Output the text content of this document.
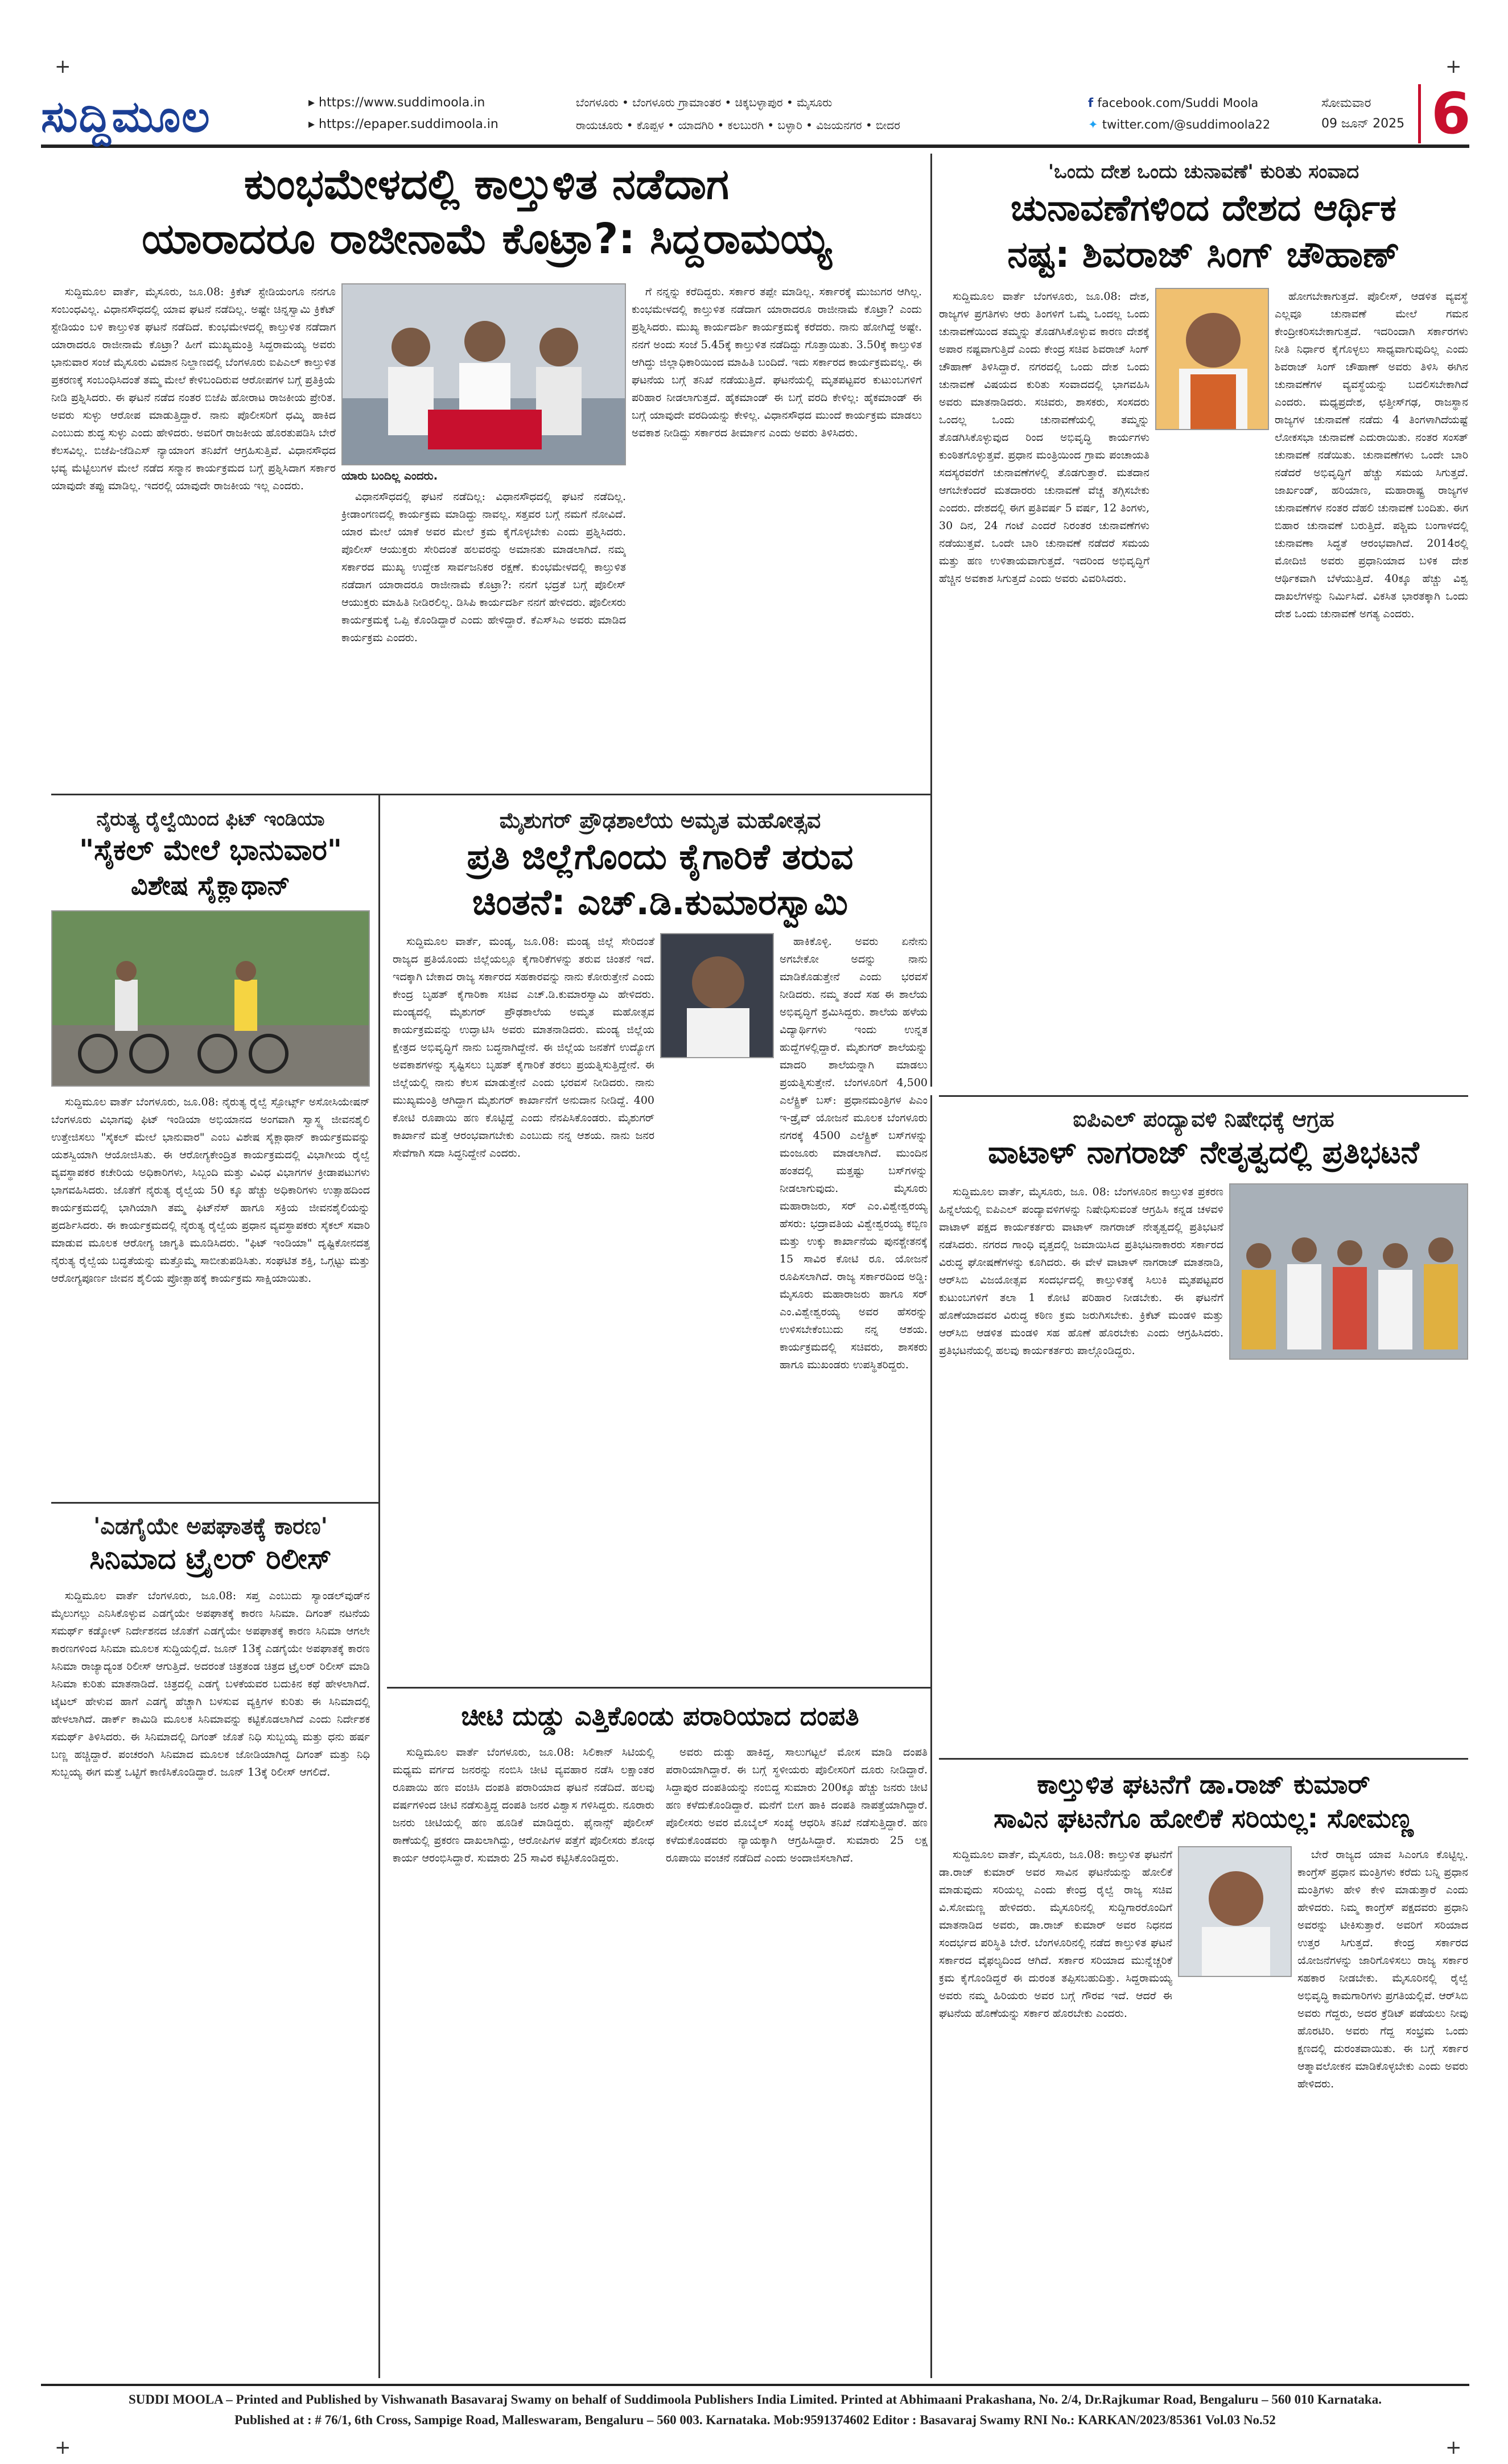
+	+
+	+
ಸುದ್ದಿಮೂಲ	▸ https://www.suddimoola.in
▸ https://epaper.suddimoola.in
ಬೆಂಗಳೂರು • ಬೆಂಗಳೂರು ಗ್ರಾಮಾಂತರ • ಚಿಕ್ಕಬಳ್ಳಾಪುರ • ಮೈಸೂರು
ರಾಯಚೂರು • ಕೊಪ್ಪಳ • ಯಾದಗಿರಿ • ಕಲಬುರಗಿ • ಬಳ್ಳಾರಿ • ವಿಜಯನಗರ • ಬೀದರ
f facebook.com/Suddi Moola
✦ twitter.com/@suddimoola22
ಸೋಮವಾರ
09 ಜೂನ್ 2025 6
ಕುಂಭಮೇಳದಲ್ಲಿ ಕಾಲ್ತುಳಿತ ನಡೆದಾಗ
ಯಾರಾದರೂ ರಾಜೀನಾಮೆ ಕೊಟ್ರಾ?: ಸಿದ್ದರಾಮಯ್ಯ

ಸುದ್ದಿಮೂಲ ವಾರ್ತೆ, ಮೈಸೂರು, ಜೂ.08: ಕ್ರಿಕೆಟ್ ಸ್ಟೇಡಿಯಂಗೂ ನನಗೂ ಸಂಬಂಧವಿಲ್ಲ. ವಿಧಾನಸೌಧದಲ್ಲಿ ಯಾವ ಘಟನೆ ನಡೆದಿಲ್ಲ. ಅಷ್ಟೇ ಚಿನ್ನಸ್ವಾಮಿ ಕ್ರಿಕೆಟ್ ಸ್ಟೇಡಿಯಂ ಬಳಿ ಕಾಲ್ತುಳಿತ ಘಟನೆ ನಡೆದಿದೆ. ಕುಂಭಮೇಳದಲ್ಲಿ ಕಾಲ್ತುಳಿತ ನಡೆದಾಗ ಯಾರಾದರೂ ರಾಜೀನಾಮೆ ಕೊಟ್ರಾ? ಹೀಗೆ ಮುಖ್ಯಮಂತ್ರಿ ಸಿದ್ದರಾಮಯ್ಯ ಅವರು ಭಾನುವಾರ ಸಂಜೆ ಮೈಸೂರು ವಿಮಾನ ನಿಲ್ದಾಣದಲ್ಲಿ ಬೆಂಗಳೂರು ಐಪಿಎಲ್ ಕಾಲ್ತುಳಿತ ಪ್ರಕರಣಕ್ಕೆ ಸಂಬಂಧಿಸಿದಂತೆ ತಮ್ಮ ಮೇಲೆ ಕೇಳಿಬಂದಿರುವ ಆರೋಪಗಳ ಬಗ್ಗೆ ಪ್ರತಿಕ್ರಿಯೆ ನೀಡಿ ಪ್ರಶ್ನಿಸಿದರು. ಈ ಘಟನೆ ನಡೆದ ನಂತರ ಬಿಜೆಪಿ ಹೋರಾಟ ರಾಜಕೀಯ ಪ್ರೇರಿತ. ಅವರು ಸುಳ್ಳು ಆರೋಪ ಮಾಡುತ್ತಿದ್ದಾರೆ. ನಾನು ಪೊಲೀಸರಿಗೆ ಧಮ್ಕಿ ಹಾಕಿದ ಎಂಬುದು ಶುದ್ಧ ಸುಳ್ಳು ಎಂದು ಹೇಳಿದರು. ಅವರಿಗೆ ರಾಜಕೀಯ ಹೊರತುಪಡಿಸಿ ಬೇರೆ ಕೆಲಸವಿಲ್ಲ. ಬಿಜೆಪಿ-ಜೆಡಿಎಸ್ ನ್ಯಾಯಾಂಗ ತನಿಖೆಗೆ ಆಗ್ರಹಿಸುತ್ತಿವೆ. ವಿಧಾನಸೌಧದ ಭವ್ಯ ಮೆಟ್ಟಿಲುಗಳ ಮೇಲೆ ನಡೆದ ಸನ್ಮಾನ ಕಾರ್ಯಕ್ರಮದ ಬಗ್ಗೆ ಪ್ರಶ್ನಿಸಿದಾಗ ಸರ್ಕಾರ ಯಾವುದೇ ತಪ್ಪು ಮಾಡಿಲ್ಲ. ಇದರಲ್ಲಿ ಯಾವುದೇ ರಾಜಕೀಯ ಇಲ್ಲ ಎಂದರು.

ಯಾರು ಬಂದಿಲ್ಲ ಎಂದರು.

ವಿಧಾನಸೌಧದಲ್ಲಿ ಘಟನೆ ನಡೆದಿಲ್ಲ: ವಿಧಾನಸೌಧದಲ್ಲಿ ಘಟನೆ ನಡೆದಿಲ್ಲ. ಕ್ರೀಡಾಂಗಣದಲ್ಲಿ ಕಾರ್ಯಕ್ರಮ ಮಾಡಿದ್ದು ನಾವಲ್ಲ. ಸತ್ತವರ ಬಗ್ಗೆ ನಮಗೆ ನೋವಿದೆ. ಯಾರ ಮೇಲೆ ಯಾಕೆ ಅವರ ಮೇಲೆ ಕ್ರಮ ಕೈಗೊಳ್ಳಬೇಕು ಎಂದು ಪ್ರಶ್ನಿಸಿದರು. ಪೊಲೀಸ್ ಆಯುಕ್ತರು ಸೇರಿದಂತೆ ಹಲವರನ್ನು ಅಮಾನತು ಮಾಡಲಾಗಿದೆ. ನಮ್ಮ ಸರ್ಕಾರದ ಮುಖ್ಯ ಉದ್ದೇಶ ಸಾರ್ವಜನಿಕರ ರಕ್ಷಣೆ. ಕುಂಭಮೇಳದಲ್ಲಿ ಕಾಲ್ತುಳಿತ ನಡೆದಾಗ ಯಾರಾದರೂ ರಾಜೀನಾಮೆ ಕೊಟ್ರಾ?: ನನಗೆ ಭದ್ರತೆ ಬಗ್ಗೆ ಪೊಲೀಸ್ ಆಯುಕ್ತರು ಮಾಹಿತಿ ನೀಡಿರಲಿಲ್ಲ. ಡಿಸಿಪಿ ಕಾರ್ಯದರ್ಶಿ ನನಗೆ ಹೇಳಿದರು. ಪೊಲೀಸರು ಕಾರ್ಯಕ್ರಮಕ್ಕೆ ಒಪ್ಪಿ ಕೊಂಡಿದ್ದಾರೆ ಎಂದು ಹೇಳಿದ್ದಾರೆ. ಕೆಎಸ್‌ಸಿಎ ಅವರು ಮಾಡಿದ ಕಾರ್ಯಕ್ರಮ ಎಂದರು.

ಗೆ ನನ್ನನ್ನು ಕರೆದಿದ್ದರು. ಸರ್ಕಾರ ತಪ್ಪೇ ಮಾಡಿಲ್ಲ. ಸರ್ಕಾರಕ್ಕೆ ಮುಜುಗರ ಆಗಿಲ್ಲ. ಕುಂಭಮೇಳದಲ್ಲಿ ಕಾಲ್ತುಳಿತ ನಡೆದಾಗ ಯಾರಾದರೂ ರಾಜೀನಾಮೆ ಕೊಟ್ರಾ? ಎಂದು ಪ್ರಶ್ನಿಸಿದರು. ಮುಖ್ಯ ಕಾರ್ಯದರ್ಶಿ ಕಾರ್ಯಕ್ರಮಕ್ಕೆ ಕರೆದರು. ನಾನು ಹೋಗಿದ್ದೆ ಅಷ್ಟೇ. ನನಗೆ ಅಂದು ಸಂಜೆ 5.45ಕ್ಕೆ ಕಾಲ್ತುಳಿತ ನಡೆದಿದ್ದು ಗೊತ್ತಾಯಿತು. 3.50ಕ್ಕೆ ಕಾಲ್ತುಳಿತ ಆಗಿದ್ದು ಜಿಲ್ಲಾಧಿಕಾರಿಯಿಂದ ಮಾಹಿತಿ ಬಂದಿದೆ. ಇದು ಸರ್ಕಾರದ ಕಾರ್ಯಕ್ರಮವಲ್ಲ. ಈ ಘಟನೆಯ ಬಗ್ಗೆ ತನಿಖೆ ನಡೆಯುತ್ತಿದೆ. ಘಟನೆಯಲ್ಲಿ ಮೃತಪಟ್ಟವರ ಕುಟುಂಬಗಳಿಗೆ ಪರಿಹಾರ ನೀಡಲಾಗುತ್ತದೆ. ಹೈಕಮಾಂಡ್ ಈ ಬಗ್ಗೆ ವರದಿ ಕೇಳಿಲ್ಲ: ಹೈಕಮಾಂಡ್ ಈ ಬಗ್ಗೆ ಯಾವುದೇ ವರದಿಯನ್ನು ಕೇಳಿಲ್ಲ. ವಿಧಾನಸೌಧದ ಮುಂದೆ ಕಾರ್ಯಕ್ರಮ ಮಾಡಲು ಅವಕಾಶ ನೀಡಿದ್ದು ಸರ್ಕಾರದ ತೀರ್ಮಾನ ಎಂದು ಅವರು ತಿಳಿಸಿದರು.

'ಒಂದು ದೇಶ ಒಂದು ಚುನಾವಣೆ' ಕುರಿತು ಸಂವಾದ
ಚುನಾವಣೆಗಳಿಂದ ದೇಶದ ಆರ್ಥಿಕ
ನಷ್ಟ: ಶಿವರಾಜ್ ಸಿಂಗ್ ಚೌಹಾಣ್

ಸುದ್ದಿಮೂಲ ವಾರ್ತೆ ಬೆಂಗಳೂರು, ಜೂ.08: ದೇಶ, ರಾಜ್ಯಗಳ ಪ್ರಗತಿಗಳು ಆರು ತಿಂಗಳಿಗೆ ಒಮ್ಮೆ ಒಂದಲ್ಲ ಒಂದು ಚುನಾವಣೆಯಿಂದ ತಮ್ಮನ್ನು ತೊಡಗಿಸಿಕೊಳ್ಳುವ ಕಾರಣ ದೇಶಕ್ಕೆ ಅಪಾರ ನಷ್ಟವಾಗುತ್ತಿದೆ ಎಂದು ಕೇಂದ್ರ ಸಚಿವ ಶಿವರಾಜ್ ಸಿಂಗ್ ಚೌಹಾಣ್ ತಿಳಿಸಿದ್ದಾರೆ. ನಗರದಲ್ಲಿ ಒಂದು ದೇಶ ಒಂದು ಚುನಾವಣೆ ವಿಷಯದ ಕುರಿತು ಸಂವಾದದಲ್ಲಿ ಭಾಗವಹಿಸಿ ಅವರು ಮಾತನಾಡಿದರು. ಸಚಿವರು, ಶಾಸಕರು, ಸಂಸದರು ಒಂದಲ್ಲ ಒಂದು ಚುನಾವಣೆಯಲ್ಲಿ ತಮ್ಮನ್ನು ತೊಡಗಿಸಿಕೊಳ್ಳುವುದ ರಿಂದ ಅಭಿವೃದ್ಧಿ ಕಾರ್ಯಗಳು ಕುಂಠಿತಗೊಳ್ಳುತ್ತವೆ. ಪ್ರಧಾನ ಮಂತ್ರಿಯಿಂದ ಗ್ರಾಮ ಪಂಚಾಯತಿ ಸದಸ್ಯರವರೆಗೆ ಚುನಾವಣೆಗಳಲ್ಲಿ ತೊಡಗುತ್ತಾರೆ. ಮತದಾನ ಆಗಬೇಕೆಂದರೆ ಮತದಾರರು ಚುನಾವಣೆ ವೆಚ್ಚ ತಗ್ಗಿಸಬೇಕು ಎಂದರು. ದೇಶದಲ್ಲಿ ಈಗ ಪ್ರತಿವರ್ಷ 5 ವರ್ಷ, 12 ತಿಂಗಳು, 30 ದಿನ, 24 ಗಂಟೆ ಎಂದರೆ ನಿರಂತರ ಚುನಾವಣೆಗಳು ನಡೆಯುತ್ತವೆ. ಒಂದೇ ಬಾರಿ ಚುನಾವಣೆ ನಡೆದರೆ ಸಮಯ ಮತ್ತು ಹಣ ಉಳಿತಾಯವಾಗುತ್ತದೆ. ಇದರಿಂದ ಅಭಿವೃದ್ಧಿಗೆ ಹೆಚ್ಚಿನ ಅವಕಾಶ ಸಿಗುತ್ತದೆ ಎಂದು ಅವರು ವಿವರಿಸಿದರು.

ಹೋಗಬೇಕಾಗುತ್ತದೆ. ಪೊಲೀಸ್, ಆಡಳಿತ ವ್ಯವಸ್ಥೆ ಎಲ್ಲವೂ ಚುನಾವಣೆ ಮೇಲೆ ಗಮನ ಕೇಂದ್ರೀಕರಿಸಬೇಕಾಗುತ್ತದೆ. ಇದರಿಂದಾಗಿ ಸರ್ಕಾರಗಳು ನೀತಿ ನಿರ್ಧಾರ ಕೈಗೊಳ್ಳಲು ಸಾಧ್ಯವಾಗುವುದಿಲ್ಲ ಎಂದು ಶಿವರಾಜ್ ಸಿಂಗ್ ಚೌಹಾಣ್ ಅವರು ತಿಳಿಸಿ ಈಗಿನ ಚುನಾವಣೆಗಳ ವ್ಯವಸ್ಥೆಯನ್ನು ಬದಲಿಸಬೇಕಾಗಿದೆ ಎಂದರು. ಮಧ್ಯಪ್ರದೇಶ, ಛತ್ತೀಸ್‌ಗಢ, ರಾಜಸ್ಥಾನ ರಾಜ್ಯಗಳ ಚುನಾವಣೆ ನಡೆದು 4 ತಿಂಗಳಾಗಿದೆಯಷ್ಟೆ ಲೋಕಸಭಾ ಚುನಾವಣೆ ಎದುರಾಯಿತು. ನಂತರ ಸಂಸತ್ ಚುನಾವಣೆ ನಡೆಯಿತು. ಚುನಾವಣೆಗಳು ಒಂದೇ ಬಾರಿ ನಡೆದರೆ ಅಭಿವೃದ್ಧಿಗೆ ಹೆಚ್ಚು ಸಮಯ ಸಿಗುತ್ತದೆ. ಜಾರ್ಖಂಡ್, ಹರಿಯಾಣ, ಮಹಾರಾಷ್ಟ್ರ ರಾಜ್ಯಗಳ ಚುನಾವಣೆಗಳ ನಂತರ ದೆಹಲಿ ಚುನಾವಣೆ ಬಂದಿತು. ಈಗ ಬಿಹಾರ ಚುನಾವಣೆ ಬರುತ್ತಿದೆ. ಪಶ್ಚಿಮ ಬಂಗಾಳದಲ್ಲಿ ಚುನಾವಣಾ ಸಿದ್ಧತೆ ಆರಂಭವಾಗಿದೆ. 2014ರಲ್ಲಿ ಮೋದಿಜಿ ಅವರು ಪ್ರಧಾನಿಯಾದ ಬಳಿಕ ದೇಶ ಆರ್ಥಿಕವಾಗಿ ಬೆಳೆಯುತ್ತಿದೆ. 40ಕ್ಕೂ ಹೆಚ್ಚು ವಿಶ್ವ ದಾಖಲೆಗಳನ್ನು ನಿರ್ಮಿಸಿದೆ. ವಿಕಸಿತ ಭಾರತಕ್ಕಾಗಿ ಒಂದು ದೇಶ ಒಂದು ಚುನಾವಣೆ ಅಗತ್ಯ ಎಂದರು.

ನೈರುತ್ಯ ರೈಲ್ವೆಯಿಂದ ಫಿಟ್ ಇಂಡಿಯಾ
"ಸೈಕಲ್ ಮೇಲೆ ಭಾನುವಾರ"
ವಿಶೇಷ ಸೈಕ್ಲಾಥಾನ್

ಸುದ್ದಿಮೂಲ ವಾರ್ತೆ ಬೆಂಗಳೂರು, ಜೂ.08: ನೈರುತ್ಯ ರೈಲ್ವೆ ಸ್ಪೋರ್ಟ್ಸ್ ಅಸೋಸಿಯೇಷನ್ ಬೆಂಗಳೂರು ವಿಭಾಗವು ಫಿಟ್ ಇಂಡಿಯಾ ಅಭಿಯಾನದ ಅಂಗವಾಗಿ ಸ್ವಾಸ್ಥ್ಯ ಜೀವನಶೈಲಿ ಉತ್ತೇಜಿಸಲು "ಸೈಕಲ್ ಮೇಲೆ ಭಾನುವಾರ" ಎಂಬ ವಿಶೇಷ ಸೈಕ್ಲಾಥಾನ್ ಕಾರ್ಯಕ್ರಮವನ್ನು ಯಶಸ್ವಿಯಾಗಿ ಆಯೋಜಿಸಿತು. ಈ ಆರೋಗ್ಯಕೇಂದ್ರಿತ ಕಾರ್ಯಕ್ರಮದಲ್ಲಿ ವಿಭಾಗೀಯ ರೈಲ್ವೆ ವ್ಯವಸ್ಥಾಪಕರ ಕಚೇರಿಯ ಅಧಿಕಾರಿಗಳು, ಸಿಬ್ಬಂದಿ ಮತ್ತು ವಿವಿಧ ವಿಭಾಗಗಳ ಕ್ರೀಡಾಪಟುಗಳು ಭಾಗವಹಿಸಿದರು. ಜೊತೆಗೆ ನೈರುತ್ಯ ರೈಲ್ವೆಯ 50 ಕ್ಕೂ ಹೆಚ್ಚು ಅಧಿಕಾರಿಗಳು ಉತ್ಸಾಹದಿಂದ ಕಾರ್ಯಕ್ರಮದಲ್ಲಿ ಭಾಗಿಯಾಗಿ ತಮ್ಮ ಫಿಟ್‌ನೆಸ್ ಹಾಗೂ ಸಕ್ರಿಯ ಜೀವನಶೈಲಿಯನ್ನು ಪ್ರದರ್ಶಿಸಿದರು. ಈ ಕಾರ್ಯಕ್ರಮದಲ್ಲಿ ನೈರುತ್ಯ ರೈಲ್ವೆಯ ಪ್ರಧಾನ ವ್ಯವಸ್ಥಾಪಕರು ಸೈಕಲ್ ಸವಾರಿ ಮಾಡುವ ಮೂಲಕ ಆರೋಗ್ಯ ಜಾಗೃತಿ ಮೂಡಿಸಿದರು. "ಫಿಟ್ ಇಂಡಿಯಾ" ದೃಷ್ಟಿಕೋನದತ್ತ ನೈರುತ್ಯ ರೈಲ್ವೆಯ ಬದ್ಧತೆಯನ್ನು ಮತ್ತೊಮ್ಮೆ ಸಾಬೀತುಪಡಿಸಿತು. ಸಂಘಟಿತ ಶಕ್ತಿ, ಒಗ್ಗಟ್ಟು ಮತ್ತು ಆರೋಗ್ಯಪೂರ್ಣ ಜೀವನ ಶೈಲಿಯ ಪ್ರೋತ್ಸಾಹಕ್ಕೆ ಕಾರ್ಯಕ್ರಮ ಸಾಕ್ಷಿಯಾಯಿತು.

ಮೈಶುಗರ್ ಪ್ರೌಢಶಾಲೆಯ ಅಮೃತ ಮಹೋತ್ಸವ
ಪ್ರತಿ ಜಿಲ್ಲೆಗೊಂದು ಕೈಗಾರಿಕೆ ತರುವ
ಚಿಂತನೆ: ಎಚ್.ಡಿ.ಕುಮಾರಸ್ವಾಮಿ

ಸುದ್ದಿಮೂಲ ವಾರ್ತೆ, ಮಂಡ್ಯ, ಜೂ.08: ಮಂಡ್ಯ ಜಿಲ್ಲೆ ಸೇರಿದಂತೆ ರಾಜ್ಯದ ಪ್ರತಿಯೊಂದು ಜಿಲ್ಲೆಯಲ್ಲೂ ಕೈಗಾರಿಕೆಗಳನ್ನು ತರುವ ಚಿಂತನೆ ಇದೆ. ಇದಕ್ಕಾಗಿ ಬೇಕಾದ ರಾಜ್ಯ ಸರ್ಕಾರದ ಸಹಕಾರವನ್ನು ನಾನು ಕೋರುತ್ತೇನೆ ಎಂದು ಕೇಂದ್ರ ಬೃಹತ್ ಕೈಗಾರಿಕಾ ಸಚಿವ ಎಚ್.ಡಿ.ಕುಮಾರಸ್ವಾಮಿ ಹೇಳಿದರು. ಮಂಡ್ಯದಲ್ಲಿ ಮೈಶುಗರ್ ಪ್ರೌಢಶಾಲೆಯ ಅಮೃತ ಮಹೋತ್ಸವ ಕಾರ್ಯಕ್ರಮವನ್ನು ಉದ್ಘಾಟಿಸಿ ಅವರು ಮಾತನಾಡಿದರು. ಮಂಡ್ಯ ಜಿಲ್ಲೆಯ ಕ್ಷೇತ್ರದ ಅಭಿವೃದ್ಧಿಗೆ ನಾನು ಬದ್ಧನಾಗಿದ್ದೇನೆ. ಈ ಜಿಲ್ಲೆಯ ಜನತೆಗೆ ಉದ್ಯೋಗ ಅವಕಾಶಗಳನ್ನು ಸೃಷ್ಟಿಸಲು ಬೃಹತ್ ಕೈಗಾರಿಕೆ ತರಲು ಪ್ರಯತ್ನಿಸುತ್ತಿದ್ದೇನೆ. ಈ ಜಿಲ್ಲೆಯಲ್ಲಿ ನಾನು ಕೆಲಸ ಮಾಡುತ್ತೇನೆ ಎಂದು ಭರವಸೆ ನೀಡಿದರು. ನಾನು ಮುಖ್ಯಮಂತ್ರಿ ಆಗಿದ್ದಾಗ ಮೈಶುಗರ್ ಕಾರ್ಖಾನೆಗೆ ಅನುದಾನ ನೀಡಿದ್ದೆ. 400 ಕೋಟಿ ರೂಪಾಯಿ ಹಣ ಕೊಟ್ಟಿದ್ದೆ ಎಂದು ನೆನಪಿಸಿಕೊಂಡರು. ಮೈಶುಗರ್ ಕಾರ್ಖಾನೆ ಮತ್ತೆ ಆರಂಭವಾಗಬೇಕು ಎಂಬುದು ನನ್ನ ಆಶಯ. ನಾನು ಜನರ ಸೇವೆಗಾಗಿ ಸದಾ ಸಿದ್ಧನಿದ್ದೇನೆ ಎಂದರು.

ಹಾಕಿಕೊಳ್ಳಿ. ಅವರು ಏನೇನು ಅಗಬೇಕೋ ಅದನ್ನು ನಾನು ಮಾಡಿಕೊಡುತ್ತೇನೆ ಎಂದು ಭರವಸೆ ನೀಡಿದರು. ನಮ್ಮ ತಂದೆ ಸಹ ಈ ಶಾಲೆಯ ಅಭಿವೃದ್ಧಿಗೆ ಶ್ರಮಿಸಿದ್ದರು. ಶಾಲೆಯ ಹಳೆಯ ವಿದ್ಯಾರ್ಥಿಗಳು ಇಂದು ಉನ್ನತ ಹುದ್ದೆಗಳಲ್ಲಿದ್ದಾರೆ. ಮೈಶುಗರ್ ಶಾಲೆಯನ್ನು ಮಾದರಿ ಶಾಲೆಯನ್ನಾಗಿ ಮಾಡಲು ಪ್ರಯತ್ನಿಸುತ್ತೇನೆ. ಬೆಂಗಳೂರಿಗೆ 4,500 ಎಲೆಕ್ಟ್ರಿಕ್ ಬಸ್: ಪ್ರಧಾನಮಂತ್ರಿಗಳ ಪಿಎಂ ಇ-ಡ್ರೈವ್ ಯೋಜನೆ ಮೂಲಕ ಬೆಂಗಳೂರು ನಗರಕ್ಕೆ 4500 ಎಲೆಕ್ಟ್ರಿಕ್ ಬಸ್‌ಗಳನ್ನು ಮಂಜೂರು ಮಾಡಲಾಗಿದೆ. ಮುಂದಿನ ಹಂತದಲ್ಲಿ ಮತ್ತಷ್ಟು ಬಸ್‌ಗಳನ್ನು ನೀಡಲಾಗುವುದು. ಮೈಸೂರು ಮಹಾರಾಜರು, ಸರ್ ಎಂ.ವಿಶ್ವೇಶ್ವರಯ್ಯ ಹೆಸರು: ಭದ್ರಾವತಿಯ ವಿಶ್ವೇಶ್ವರಯ್ಯ ಕಬ್ಬಿಣ ಮತ್ತು ಉಕ್ಕು ಕಾರ್ಖಾನೆಯ ಪುನಶ್ಚೇತನಕ್ಕೆ 15 ಸಾವಿರ ಕೋಟಿ ರೂ. ಯೋಜನೆ ರೂಪಿಸಲಾಗಿದೆ. ರಾಜ್ಯ ಸರ್ಕಾರದಿಂದ ಅಡ್ಡಿ: ಮೈಸೂರು ಮಹಾರಾಜರು ಹಾಗೂ ಸರ್ ಎಂ.ವಿಶ್ವೇಶ್ವರಯ್ಯ ಅವರ ಹೆಸರನ್ನು ಉಳಿಸಬೇಕೆಂಬುದು ನನ್ನ ಆಶಯ. ಕಾರ್ಯಕ್ರಮದಲ್ಲಿ ಸಚಿವರು, ಶಾಸಕರು ಹಾಗೂ ಮುಖಂಡರು ಉಪಸ್ಥಿತರಿದ್ದರು.

ಐಪಿಎಲ್ ಪಂದ್ಯಾವಳಿ ನಿಷೇಧಕ್ಕೆ ಆಗ್ರಹ
ವಾಟಾಳ್ ನಾಗರಾಜ್ ನೇತೃತ್ವದಲ್ಲಿ ಪ್ರತಿಭಟನೆ

ಸುದ್ದಿಮೂಲ ವಾರ್ತೆ, ಮೈಸೂರು, ಜೂ. 08: ಬೆಂಗಳೂರಿನ ಕಾಲ್ತುಳಿತ ಪ್ರಕರಣ ಹಿನ್ನೆಲೆಯಲ್ಲಿ ಐಪಿಎಲ್ ಪಂದ್ಯಾವಳಿಗಳನ್ನು ನಿಷೇಧಿಸುವಂತೆ ಆಗ್ರಹಿಸಿ ಕನ್ನಡ ಚಳವಳಿ ವಾಟಾಳ್ ಪಕ್ಷದ ಕಾರ್ಯಕರ್ತರು ವಾಟಾಳ್ ನಾಗರಾಜ್ ನೇತೃತ್ವದಲ್ಲಿ ಪ್ರತಿಭಟನೆ ನಡೆಸಿದರು. ನಗರದ ಗಾಂಧಿ ವೃತ್ತದಲ್ಲಿ ಜಮಾಯಿಸಿದ ಪ್ರತಿಭಟನಾಕಾರರು ಸರ್ಕಾರದ ವಿರುದ್ಧ ಘೋಷಣೆಗಳನ್ನು ಕೂಗಿದರು. ಈ ವೇಳೆ ವಾಟಾಳ್ ನಾಗರಾಜ್ ಮಾತನಾಡಿ, ಆರ್‌ಸಿಬಿ ವಿಜಯೋತ್ಸವ ಸಂದರ್ಭದಲ್ಲಿ ಕಾಲ್ತುಳಿತಕ್ಕೆ ಸಿಲುಕಿ ಮೃತಪಟ್ಟವರ ಕುಟುಂಬಗಳಿಗೆ ತಲಾ 1 ಕೋಟಿ ಪರಿಹಾರ ನೀಡಬೇಕು. ಈ ಘಟನೆಗೆ ಹೊಣೆಯಾದವರ ವಿರುದ್ಧ ಕಠಿಣ ಕ್ರಮ ಜರುಗಿಸಬೇಕು. ಕ್ರಿಕೆಟ್ ಮಂಡಳಿ ಮತ್ತು ಆರ್‌ಸಿಬಿ ಆಡಳಿತ ಮಂಡಳಿ ಸಹ ಹೊಣೆ ಹೊರಬೇಕು ಎಂದು ಆಗ್ರಹಿಸಿದರು. ಪ್ರತಿಭಟನೆಯಲ್ಲಿ ಹಲವು ಕಾರ್ಯಕರ್ತರು ಪಾಲ್ಗೊಂಡಿದ್ದರು.

ಕಾಲ್ತುಳಿತ ಘಟನೆಗೆ ಡಾ.ರಾಜ್ ಕುಮಾರ್
ಸಾವಿನ ಘಟನೆಗೂ ಹೋಲಿಕೆ ಸರಿಯಲ್ಲ: ಸೋಮಣ್ಣ

ಸುದ್ದಿಮೂಲ ವಾರ್ತೆ, ಮೈಸೂರು, ಜೂ.08: ಕಾಲ್ತುಳಿತ ಘಟನೆಗೆ ಡಾ.ರಾಜ್ ಕುಮಾರ್ ಅವರ ಸಾವಿನ ಘಟನೆಯನ್ನು ಹೋಲಿಕೆ ಮಾಡುವುದು ಸರಿಯಲ್ಲ ಎಂದು ಕೇಂದ್ರ ರೈಲ್ವೆ ರಾಜ್ಯ ಸಚಿವ ವಿ.ಸೋಮಣ್ಣ ಹೇಳಿದರು. ಮೈಸೂರಿನಲ್ಲಿ ಸುದ್ದಿಗಾರರೊಂದಿಗೆ ಮಾತನಾಡಿದ ಅವರು, ಡಾ.ರಾಜ್ ಕುಮಾರ್ ಅವರ ನಿಧನದ ಸಂದರ್ಭದ ಪರಿಸ್ಥಿತಿ ಬೇರೆ. ಬೆಂಗಳೂರಿನಲ್ಲಿ ನಡೆದ ಕಾಲ್ತುಳಿತ ಘಟನೆ ಸರ್ಕಾರದ ವೈಫಲ್ಯದಿಂದ ಆಗಿದೆ. ಸರ್ಕಾರ ಸರಿಯಾದ ಮುನ್ನೆಚ್ಚರಿಕೆ ಕ್ರಮ ಕೈಗೊಂಡಿದ್ದರೆ ಈ ದುರಂತ ತಪ್ಪಿಸಬಹುದಿತ್ತು. ಸಿದ್ದರಾಮಯ್ಯ ಅವರು ನಮ್ಮ ಹಿರಿಯರು ಅವರ ಬಗ್ಗೆ ಗೌರವ ಇದೆ. ಆದರೆ ಈ ಘಟನೆಯ ಹೊಣೆಯನ್ನು ಸರ್ಕಾರ ಹೊರಬೇಕು ಎಂದರು.

ಬೇರೆ ರಾಜ್ಯದ ಯಾವ ಸಿಎಂಗೂ ಕೊಟ್ಟಿಲ್ಲ. ಕಾಂಗ್ರೆಸ್ ಪ್ರಧಾನ ಮಂತ್ರಿಗಳು ಕರೆದು ಬನ್ನಿ ಪ್ರಧಾನ ಮಂತ್ರಿಗಳು ಹೇಳಿ ಕೇಳಿ ಮಾಡುತ್ತಾರೆ ಎಂದು ಹೇಳಿದರು. ನಿಮ್ಮ ಕಾಂಗ್ರೆಸ್ ಪಕ್ಷದವರು ಪ್ರಧಾನಿ ಅವರನ್ನು ಟೀಕಿಸುತ್ತಾರೆ. ಅವರಿಗೆ ಸರಿಯಾದ ಉತ್ತರ ಸಿಗುತ್ತದೆ. ಕೇಂದ್ರ ಸರ್ಕಾರದ ಯೋಜನೆಗಳನ್ನು ಜಾರಿಗೊಳಿಸಲು ರಾಜ್ಯ ಸರ್ಕಾರ ಸಹಕಾರ ನೀಡಬೇಕು. ಮೈಸೂರಿನಲ್ಲಿ ರೈಲ್ವೆ ಅಭಿವೃದ್ಧಿ ಕಾಮಗಾರಿಗಳು ಪ್ರಗತಿಯಲ್ಲಿವೆ. ಆರ್‌ಸಿಬಿ ಅವರು ಗೆದ್ದರು, ಅದರ ಕ್ರೆಡಿಟ್ ಪಡೆಯಲು ನೀವು ಹೊರಟಿರಿ. ಅವರು ಗೆದ್ದ ಸಂಭ್ರಮ ಒಂದು ಕ್ಷಣದಲ್ಲಿ ದುರಂತವಾಯಿತು. ಈ ಬಗ್ಗೆ ಸರ್ಕಾರ ಆತ್ಮಾವಲೋಕನ ಮಾಡಿಕೊಳ್ಳಬೇಕು ಎಂದು ಅವರು ಹೇಳಿದರು.

'ಎಡಗೈಯೇ ಅಪಘಾತಕ್ಕೆ ಕಾರಣ'
ಸಿನಿಮಾದ ಟ್ರೈಲರ್ ರಿಲೀಸ್

ಸುದ್ದಿಮೂಲ ವಾರ್ತೆ ಬೆಂಗಳೂರು, ಜೂ.08: ಸಪ್ತ ಎಂಬುದು ಸ್ಯಾಂಡಲ್‌ವುಡ್‌ನ ಮೈಲುಗಲ್ಲು ಎನಿಸಿಕೊಳ್ಳುವ ಎಡಗೈಯೇ ಅಪಘಾತಕ್ಕೆ ಕಾರಣ ಸಿನಿಮಾ. ದಿಗಂತ್ ನಟನೆಯ ಸಮರ್ಥ್ ಕಡ್ಕೋಳ್ ನಿರ್ದೇಶನದ ಜೊತೆಗೆ ಎಡಗೈಯೇ ಅಪಘಾತಕ್ಕೆ ಕಾರಣ ಸಿನಿಮಾ ಆಗಲೇ ಕಾರಣಗಳಿಂದ ಸಿನಿಮಾ ಮೂಲಕ ಸುದ್ದಿಯಲ್ಲಿದೆ. ಜೂನ್ 13ಕ್ಕೆ ಎಡಗೈಯೇ ಅಪಘಾತಕ್ಕೆ ಕಾರಣ ಸಿನಿಮಾ ರಾಜ್ಯಾದ್ಯಂತ ರಿಲೀಸ್ ಆಗುತ್ತಿದೆ. ಅದರಂತೆ ಚಿತ್ರತಂಡ ಚಿತ್ರದ ಟ್ರೈಲರ್ ರಿಲೀಸ್ ಮಾಡಿ ಸಿನಿಮಾ ಕುರಿತು ಮಾತನಾಡಿದೆ. ಚಿತ್ರದಲ್ಲಿ ಎಡಗೈ ಬಳಕೆಯವರ ಬದುಕಿನ ಕಥೆ ಹೇಳಲಾಗಿದೆ. ಟೈಟಲ್ ಹೇಳುವ ಹಾಗೆ ಎಡಗೈ ಹೆಚ್ಚಾಗಿ ಬಳಸುವ ವ್ಯಕ್ತಿಗಳ ಕುರಿತು ಈ ಸಿನಿಮಾದಲ್ಲಿ ಹೇಳಲಾಗಿದೆ. ಡಾರ್ಕ್ ಕಾಮಿಡಿ ಮೂಲಕ ಸಿನಿಮಾವನ್ನು ಕಟ್ಟಿಕೊಡಲಾಗಿದೆ ಎಂದು ನಿರ್ದೇಶಕ ಸಮರ್ಥ್ ತಿಳಿಸಿದರು. ಈ ಸಿನಿಮಾದಲ್ಲಿ ದಿಗಂತ್ ಜೊತೆ ನಿಧಿ ಸುಬ್ಬಯ್ಯ ಮತ್ತು ಧನು ಹರ್ಷ ಬಣ್ಣ ಹಚ್ಚಿದ್ದಾರೆ. ಪಂಚರಂಗಿ ಸಿನಿಮಾದ ಮೂಲಕ ಜೋಡಿಯಾಗಿದ್ದ ದಿಗಂತ್ ಮತ್ತು ನಿಧಿ ಸುಬ್ಬಯ್ಯ ಈಗ ಮತ್ತೆ ಒಟ್ಟಿಗೆ ಕಾಣಿಸಿಕೊಂಡಿದ್ದಾರೆ. ಜೂನ್ 13ಕ್ಕೆ ರಿಲೀಸ್ ಆಗಲಿದೆ.

ಚೀಟಿ ದುಡ್ಡು ಎತ್ತಿಕೊಂಡು ಪರಾರಿಯಾದ ದಂಪತಿ

ಸುದ್ದಿಮೂಲ ವಾರ್ತೆ ಬೆಂಗಳೂರು, ಜೂ.08: ಸಿಲಿಕಾನ್ ಸಿಟಿಯಲ್ಲಿ ಮಧ್ಯಮ ವರ್ಗದ ಜನರನ್ನು ನಂಬಿಸಿ ಚೀಟಿ ವ್ಯವಹಾರ ನಡೆಸಿ ಲಕ್ಷಾಂತರ ರೂಪಾಯಿ ಹಣ ವಂಚಿಸಿ ದಂಪತಿ ಪರಾರಿಯಾದ ಘಟನೆ ನಡೆದಿದೆ. ಹಲವು ವರ್ಷಗಳಿಂದ ಚೀಟಿ ನಡೆಸುತ್ತಿದ್ದ ದಂಪತಿ ಜನರ ವಿಶ್ವಾಸ ಗಳಿಸಿದ್ದರು. ನೂರಾರು ಜನರು ಚೀಟಿಯಲ್ಲಿ ಹಣ ಹೂಡಿಕೆ ಮಾಡಿದ್ದರು. ಫೈನಾನ್ಸ್ ಪೊಲೀಸ್ ಠಾಣೆಯಲ್ಲಿ ಪ್ರಕರಣ ದಾಖಲಾಗಿದ್ದು, ಆರೋಪಿಗಳ ಪತ್ತೆಗೆ ಪೊಲೀಸರು ಶೋಧ ಕಾರ್ಯ ಆರಂಭಿಸಿದ್ದಾರೆ. ಸುಮಾರು 25 ಸಾವಿರ ಕಟ್ಟಿಸಿಕೊಂಡಿದ್ದರು.

ಅವರು ದುಡ್ಡು ಹಾಕಿದ್ದ, ಸಾಲುಗಟ್ಟಲೆ ಮೋಸ ಮಾಡಿ ದಂಪತಿ ಪರಾರಿಯಾಗಿದ್ದಾರೆ. ಈ ಬಗ್ಗೆ ಸ್ಥಳೀಯರು ಪೊಲೀಸರಿಗೆ ದೂರು ನೀಡಿದ್ದಾರೆ. ಸಿದ್ದಾಪುರ ದಂಪತಿಯನ್ನು ನಂಬಿದ್ದ ಸುಮಾರು 200ಕ್ಕೂ ಹೆಚ್ಚು ಜನರು ಚೀಟಿ ಹಣ ಕಳೆದುಕೊಂಡಿದ್ದಾರೆ. ಮನೆಗೆ ಬೀಗ ಹಾಕಿ ದಂಪತಿ ನಾಪತ್ತೆಯಾಗಿದ್ದಾರೆ. ಪೊಲೀಸರು ಅವರ ಮೊಬೈಲ್ ಸಂಖ್ಯೆ ಆಧರಿಸಿ ತನಿಖೆ ನಡೆಸುತ್ತಿದ್ದಾರೆ. ಹಣ ಕಳೆದುಕೊಂಡವರು ನ್ಯಾಯಕ್ಕಾಗಿ ಆಗ್ರಹಿಸಿದ್ದಾರೆ. ಸುಮಾರು 25 ಲಕ್ಷ ರೂಪಾಯಿ ವಂಚನೆ ನಡೆದಿದೆ ಎಂದು ಅಂದಾಜಿಸಲಾಗಿದೆ.

SUDDI MOOLA – Printed and Published by Vishwanath Basavaraj Swamy on behalf of Suddimoola Publishers India Limited. Printed at Abhimaani Prakashana, No. 2/4, Dr.Rajkumar Road, Bengaluru – 560 010 Karnataka.
Published at : # 76/1, 6th Cross, Sampige Road, Malleswaram, Bengaluru – 560 003. Karnataka. Mob:9591374602 Editor : Basavaraj Swamy RNI No.: KARKAN/2023/85361 Vol.03 No.52
